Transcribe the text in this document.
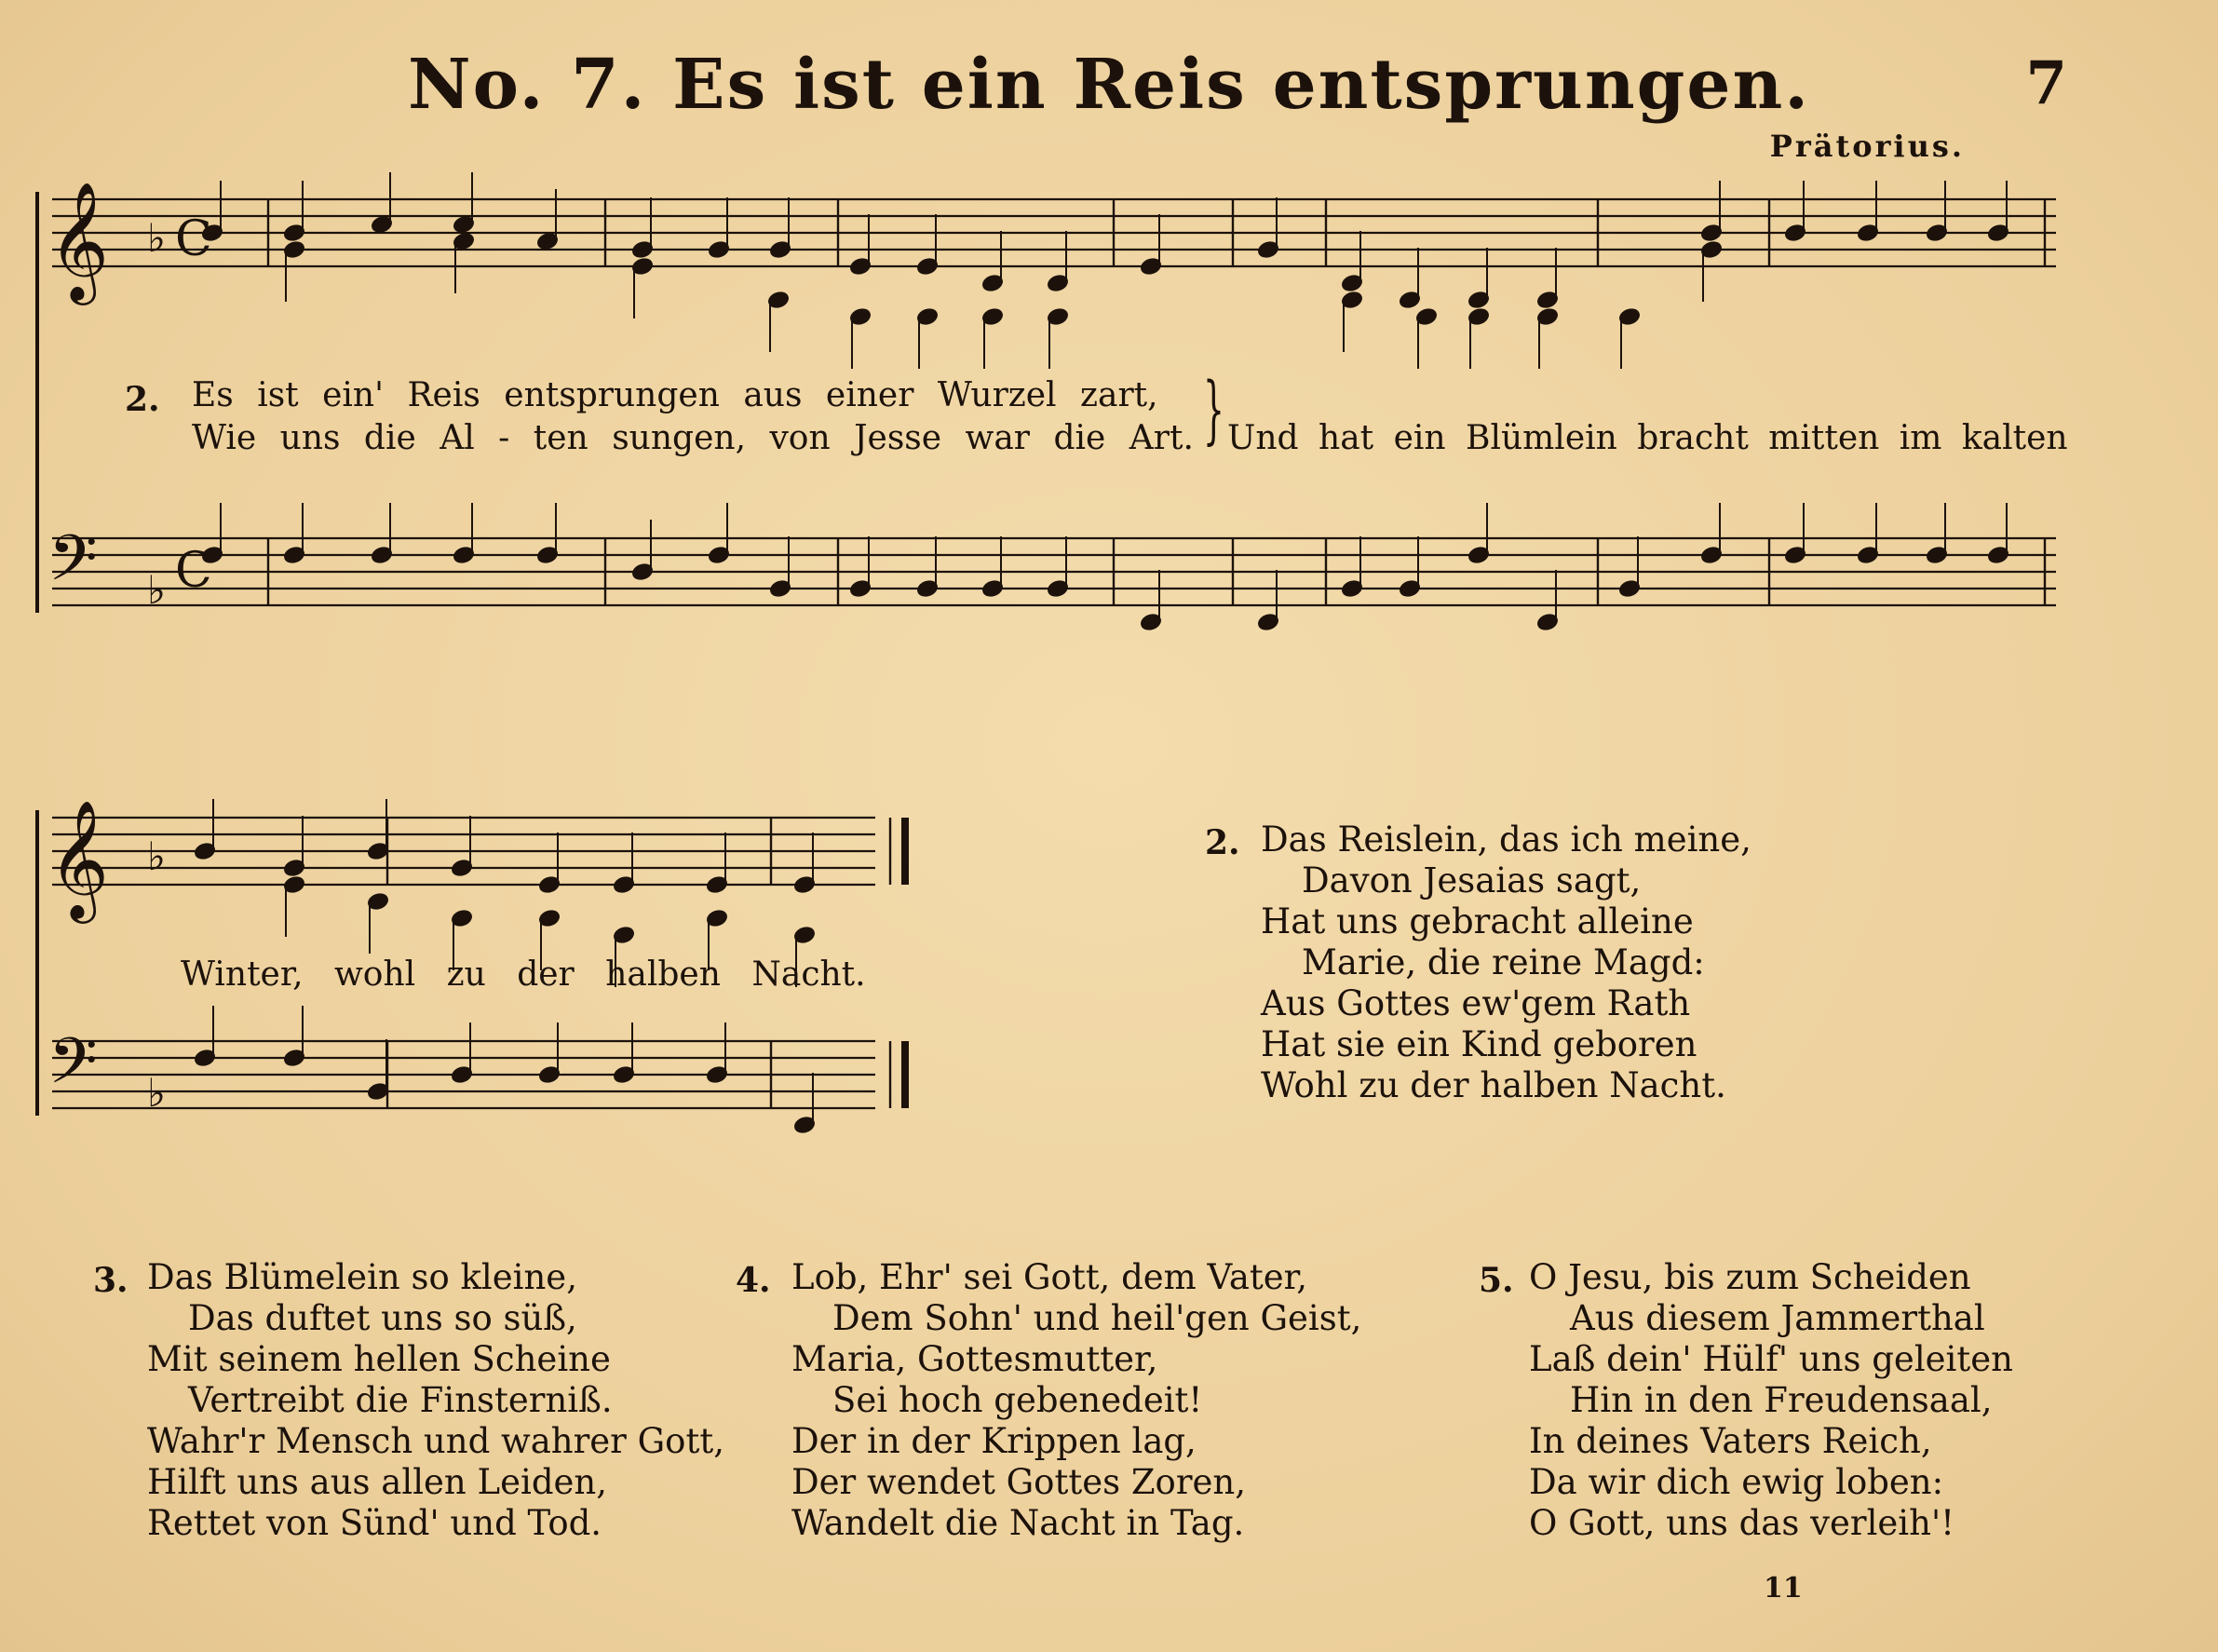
No. 7. Es ist ein Reis entsprungen.	7
Prätorius.
𝄞
𝄢
♭
♭
C
C
𝄞
𝄢
♭
♭
2. Es ist ein' Reis entsprungen aus einer Wurzel zart,
Wie uns die Al - ten sungen, von Jesse war die Art. } Und hat ein Blümlein bracht mitten im kalten
Winter, wohl zu der halben Nacht.
2. Das Reislein, das ich meine,
Davon Jesaias sagt,
Hat uns gebracht alleine
Marie, die reine Magd:
Aus Gottes ew'gem Rath
Hat sie ein Kind geboren
Wohl zu der halben Nacht.
3. Das Blümelein so kleine,
Das duftet uns so süß,
Mit seinem hellen Scheine
Vertreibt die Finsterniß.
Wahr'r Mensch und wahrer Gott,
Hilft uns aus allen Leiden,
Rettet von Sünd' und Tod.
4. Lob, Ehr' sei Gott, dem Vater,
Dem Sohn' und heil'gen Geist,
Maria, Gottesmutter,
Sei hoch gebenedeit!
Der in der Krippen lag,
Der wendet Gottes Zoren,
Wandelt die Nacht in Tag.
5. O Jesu, bis zum Scheiden
Aus diesem Jammerthal
Laß dein' Hülf' uns geleiten
Hin in den Freudensaal,
In deines Vaters Reich,
Da wir dich ewig loben:
O Gott, uns das verleih'!
11
